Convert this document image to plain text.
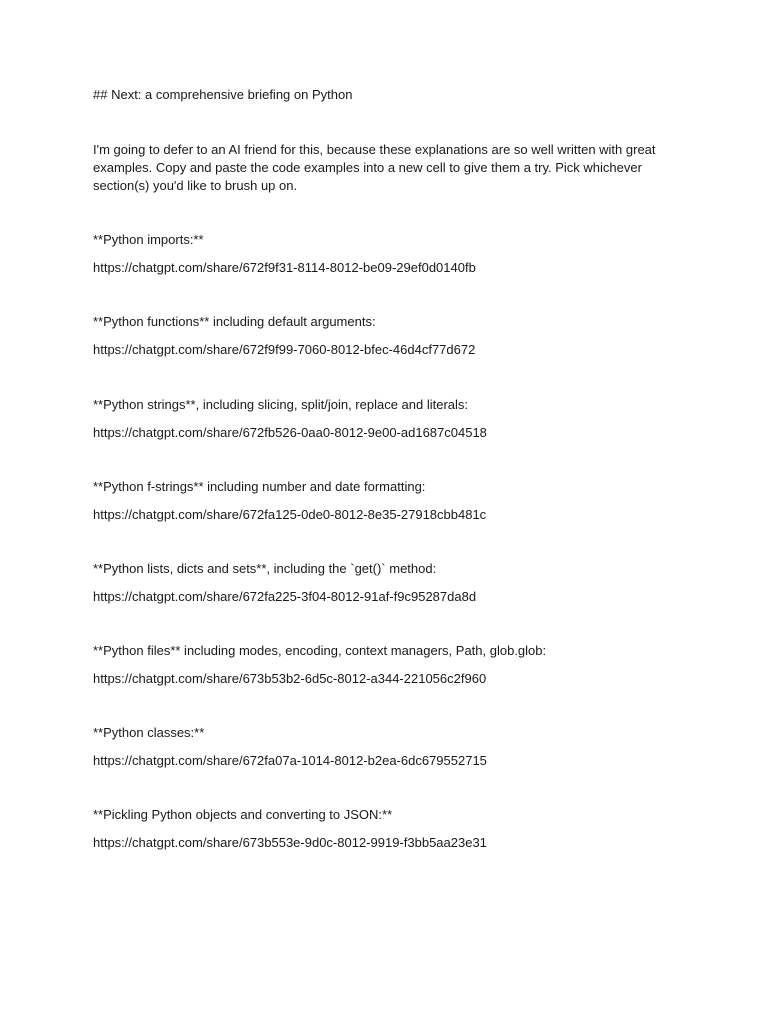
## Next: a comprehensive briefing on Python
I'm going to defer to an AI friend for this, because these explanations are so well written with great examples. Copy and paste the code examples into a new cell to give them a try. Pick whichever section(s) you'd like to brush up on.

**Python imports:**

https://chatgpt.com/share/672f9f31-8114-8012-be09-29ef0d0140fb

**Python functions** including default arguments:

https://chatgpt.com/share/672f9f99-7060-8012-bfec-46d4cf77d672

**Python strings**, including slicing, split/join, replace and literals:

https://chatgpt.com/share/672fb526-0aa0-8012-9e00-ad1687c04518

**Python f-strings** including number and date formatting:

https://chatgpt.com/share/672fa125-0de0-8012-8e35-27918cbb481c

**Python lists, dicts and sets**, including the `get()` method:

https://chatgpt.com/share/672fa225-3f04-8012-91af-f9c95287da8d

**Python files** including modes, encoding, context managers, Path, glob.glob:

https://chatgpt.com/share/673b53b2-6d5c-8012-a344-221056c2f960

**Python classes:**

https://chatgpt.com/share/672fa07a-1014-8012-b2ea-6dc679552715

**Pickling Python objects and converting to JSON:**

https://chatgpt.com/share/673b553e-9d0c-8012-9919-f3bb5aa23e31
